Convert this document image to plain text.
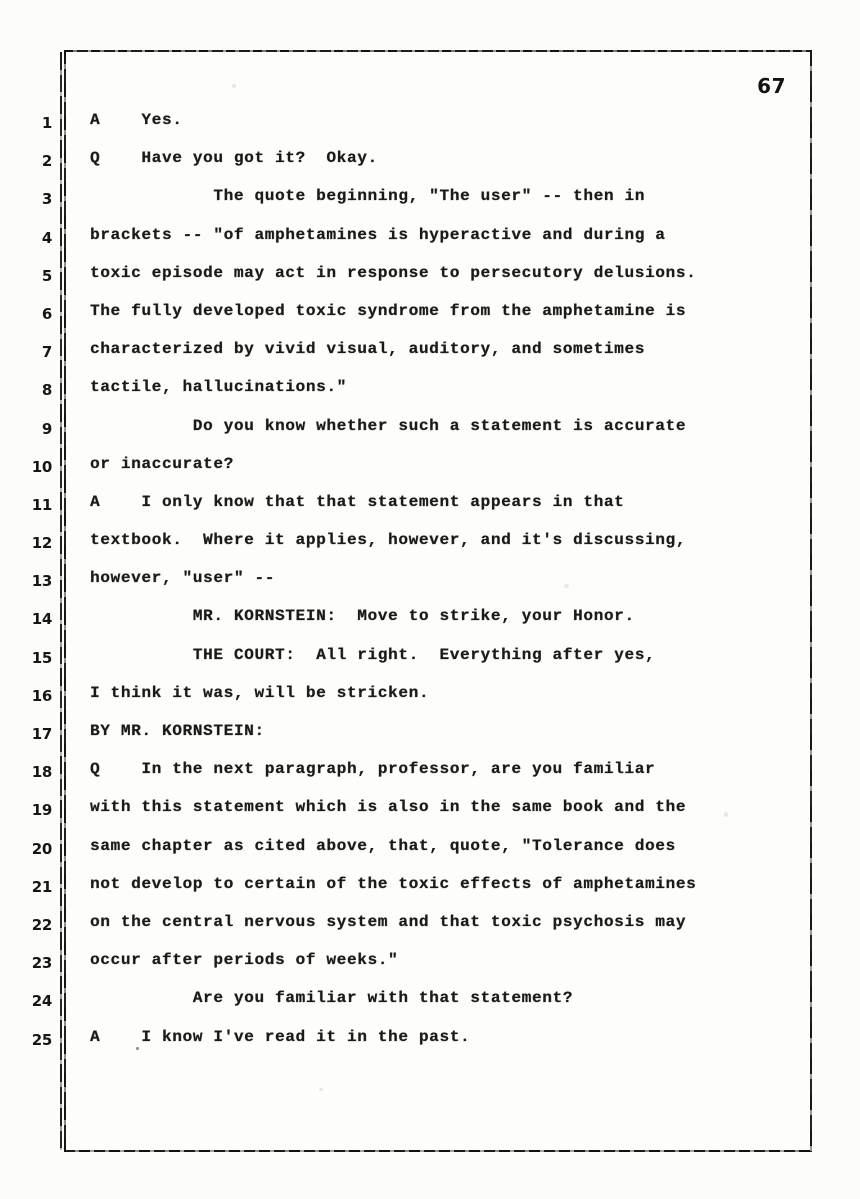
67
1 A    Yes.
2 Q    Have you got it?  Okay.
3 The quote beginning, "The user" -- then in
4 brackets -- "of amphetamines is hyperactive and during a
5 toxic episode may act in response to persecutory delusions.
6 The fully developed toxic syndrome from the amphetamine is
7 characterized by vivid visual, auditory, and sometimes
8 tactile, hallucinations."
9 Do you know whether such a statement is accurate
10 or inaccurate?
11 A    I only know that that statement appears in that
12 textbook.  Where it applies, however, and it's discussing,
13 however, "user" --
14 MR. KORNSTEIN:  Move to strike, your Honor.
15 THE COURT:  All right.  Everything after yes,
16 I think it was, will be stricken.
17 BY MR. KORNSTEIN:
18 Q    In the next paragraph, professor, are you familiar
19 with this statement which is also in the same book and the
20 same chapter as cited above, that, quote, "Tolerance does
21 not develop to certain of the toxic effects of amphetamines
22 on the central nervous system and that toxic psychosis may
23 occur after periods of weeks."
24 Are you familiar with that statement?
25 A    I know I've read it in the past.
